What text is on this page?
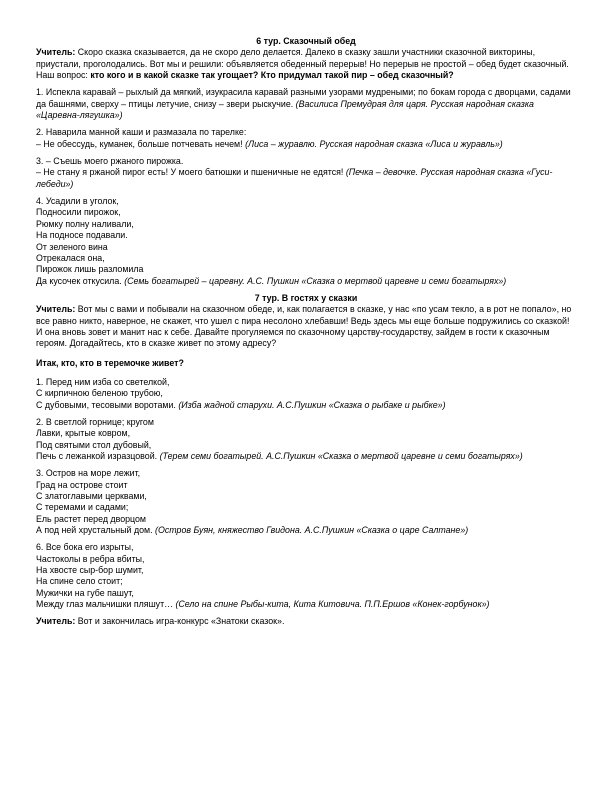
6 тур. Сказочный обед

Учитель: Скоро сказка сказывается, да не скоро дело делается. Далеко в сказку зашли участники сказочной викторины, приустали, проголодались. Вот мы и решили: объявляется обеденный перерыв! Но перерыв не простой – обед будет сказочный.

Наш вопрос: кто кого и в какой сказке так угощает? Кто придумал такой пир – обед сказочный?

1. Испекла каравай – рыхлый да мягкий, изукрасила каравай разными узорами мудреными; по бокам города с дворцами, садами да башнями, сверху – птицы летучие, снизу – звери рыскучие. (Василиса Премудрая для царя. Русская народная сказка «Царевна-лягушка»)

2. Наварила манной каши и размазала по тарелке:

– Не обессудь, куманек, больше потчевать нечем! (Лиса – журавлю. Русская народная сказка «Лиса и журавль»)

3. – Съешь моего ржаного пирожка.

– Не стану я ржаной пирог есть! У моего батюшки и пшеничные не едятся! (Печка – девочке. Русская народная сказка «Гуси-лебеди»)

4. Усадили в уголок,

Подносили пирожок,

Рюмку полну наливали,

На подносе подавали.

От зеленого вина

Отрекалася она,

Пирожок лишь разломила

Да кусочек откусила. (Семь богатырей – царевну. А.С. Пушкин «Сказка о мертвой царевне и семи богатырях»)

7 тур. В гостях у сказки

Учитель: Вот мы с вами и побывали на сказочном обеде, и, как полагается в сказке, у нас «по усам текло, а в рот не попало», но все равно никто, наверное, не скажет, что ушел с пира несолоно хлебавши! Ведь здесь мы еще больше подружились со сказкой! И она вновь зовет и манит нас к себе. Давайте прогуляемся по сказочному царству-государству, зайдем в гости к сказочным героям. Догадайтесь, кто в сказке живет по этому адресу?

Итак, кто, кто в теремочке живет?

1. Перед ним изба со светелкой,

С кирпичною беленою трубою,

С дубовыми, тесовыми воротами. (Изба жадной старухи. А.С.Пушкин «Сказка о рыбаке и рыбке»)

2. В светлой горнице; кругом

Лавки, крытые ковром,

Под святыми стол дубовый,

Печь с лежанкой изразцовой. (Терем семи богатырей. А.С.Пушкин «Сказка о мертвой царевне и семи богатырях»)

3. Остров на море лежит,

Град на острове стоит

С златоглавыми церквами,

С теремами и садами;

Ель растет перед дворцом

А под ней хрустальный дом. (Остров Буян, княжество Гвидона. А.С.Пушкин «Сказка о царе Салтане»)

6. Все бока его изрыты,

Частоколы в ребра вбиты,

На хвосте сыр-бор шумит,

На спине село стоит;

Мужички на губе пашут,

Между глаз мальчишки пляшут… (Село на спине Рыбы-кита, Кита Китовича. П.П.Ершов «Конек-горбунок»)

Учитель: Вот и закончилась игра-конкурс «Знатоки сказок».
